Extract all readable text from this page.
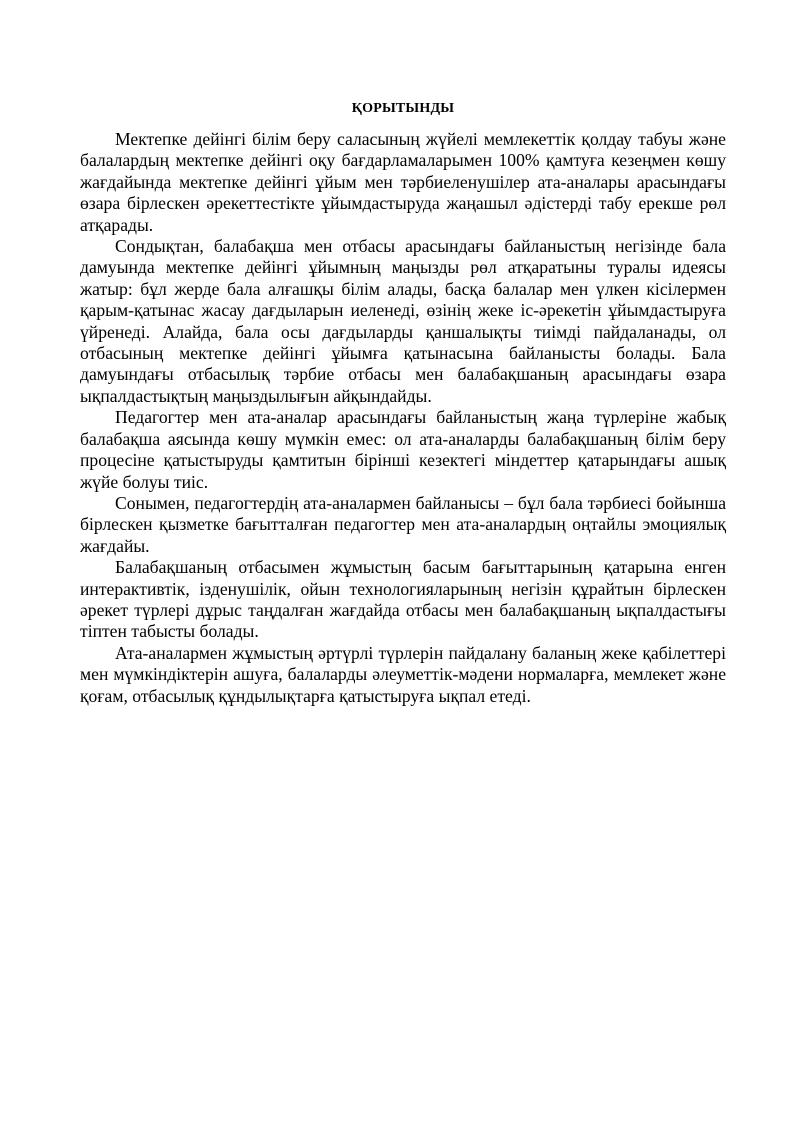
ҚОРЫТЫНДЫ

Мектепке дейінгі білім беру саласының жүйелі мемлекеттік қолдау табуы және балалардың мектепке дейінгі оқу бағдарламаларымен 100% қамтуға кезеңмен көшу жағдайында мектепке дейінгі ұйым мен тәрбиеленушілер ата-аналары арасындағы өзара бірлескен әрекеттестікте ұйымдастыруда жаңашыл әдістерді табу ерекше рөл атқарады.

Сондықтан, балабақша мен отбасы арасындағы байланыстың негізінде бала дамуында мектепке дейінгі ұйымның маңызды рөл атқаратыны туралы идеясы жатыр: бұл жерде бала алғашқы білім алады, басқа балалар мен үлкен кісілермен қарым-қатынас жасау дағдыларын иеленеді, өзінің жеке іс-әрекетін ұйымдастыруға үйренеді. Алайда, бала осы дағдыларды қаншалықты тиімді пайдаланады, ол отбасының мектепке дейінгі ұйымға қатынасына байланысты болады. Бала дамуындағы отбасылық тәрбие отбасы мен балабақшаның арасындағы өзара ықпалдастықтың маңыздылығын айқындайды.

Педагогтер мен ата-аналар арасындағы байланыстың жаңа түрлеріне жабық балабақша аясында көшу мүмкін емес: ол ата-аналарды балабақшаның білім беру процесіне қатыстыруды қамтитын бірінші кезектегі міндеттер қатарындағы ашық жүйе болуы тиіс.

Сонымен, педагогтердің ата-аналармен байланысы – бұл бала тәрбиесі бойынша бірлескен қызметке бағытталған педагогтер мен ата-аналардың оңтайлы эмоциялық жағдайы.

Балабақшаның отбасымен жұмыстың басым бағыттарының қатарына енген интерактивтік, ізденушілік, ойын технологияларының негізін құрайтын бірлескен әрекет түрлері дұрыс таңдалған жағдайда отбасы мен балабақшаның ықпалдастығы тіптен табысты болады.

Ата-аналармен жұмыстың әртүрлі түрлерін пайдалану баланың жеке қабілеттері мен мүмкіндіктерін ашуға, балаларды әлеуметтік-мәдени нормаларға, мемлекет және қоғам, отбасылық құндылықтарға қатыстыруға ықпал етеді.
